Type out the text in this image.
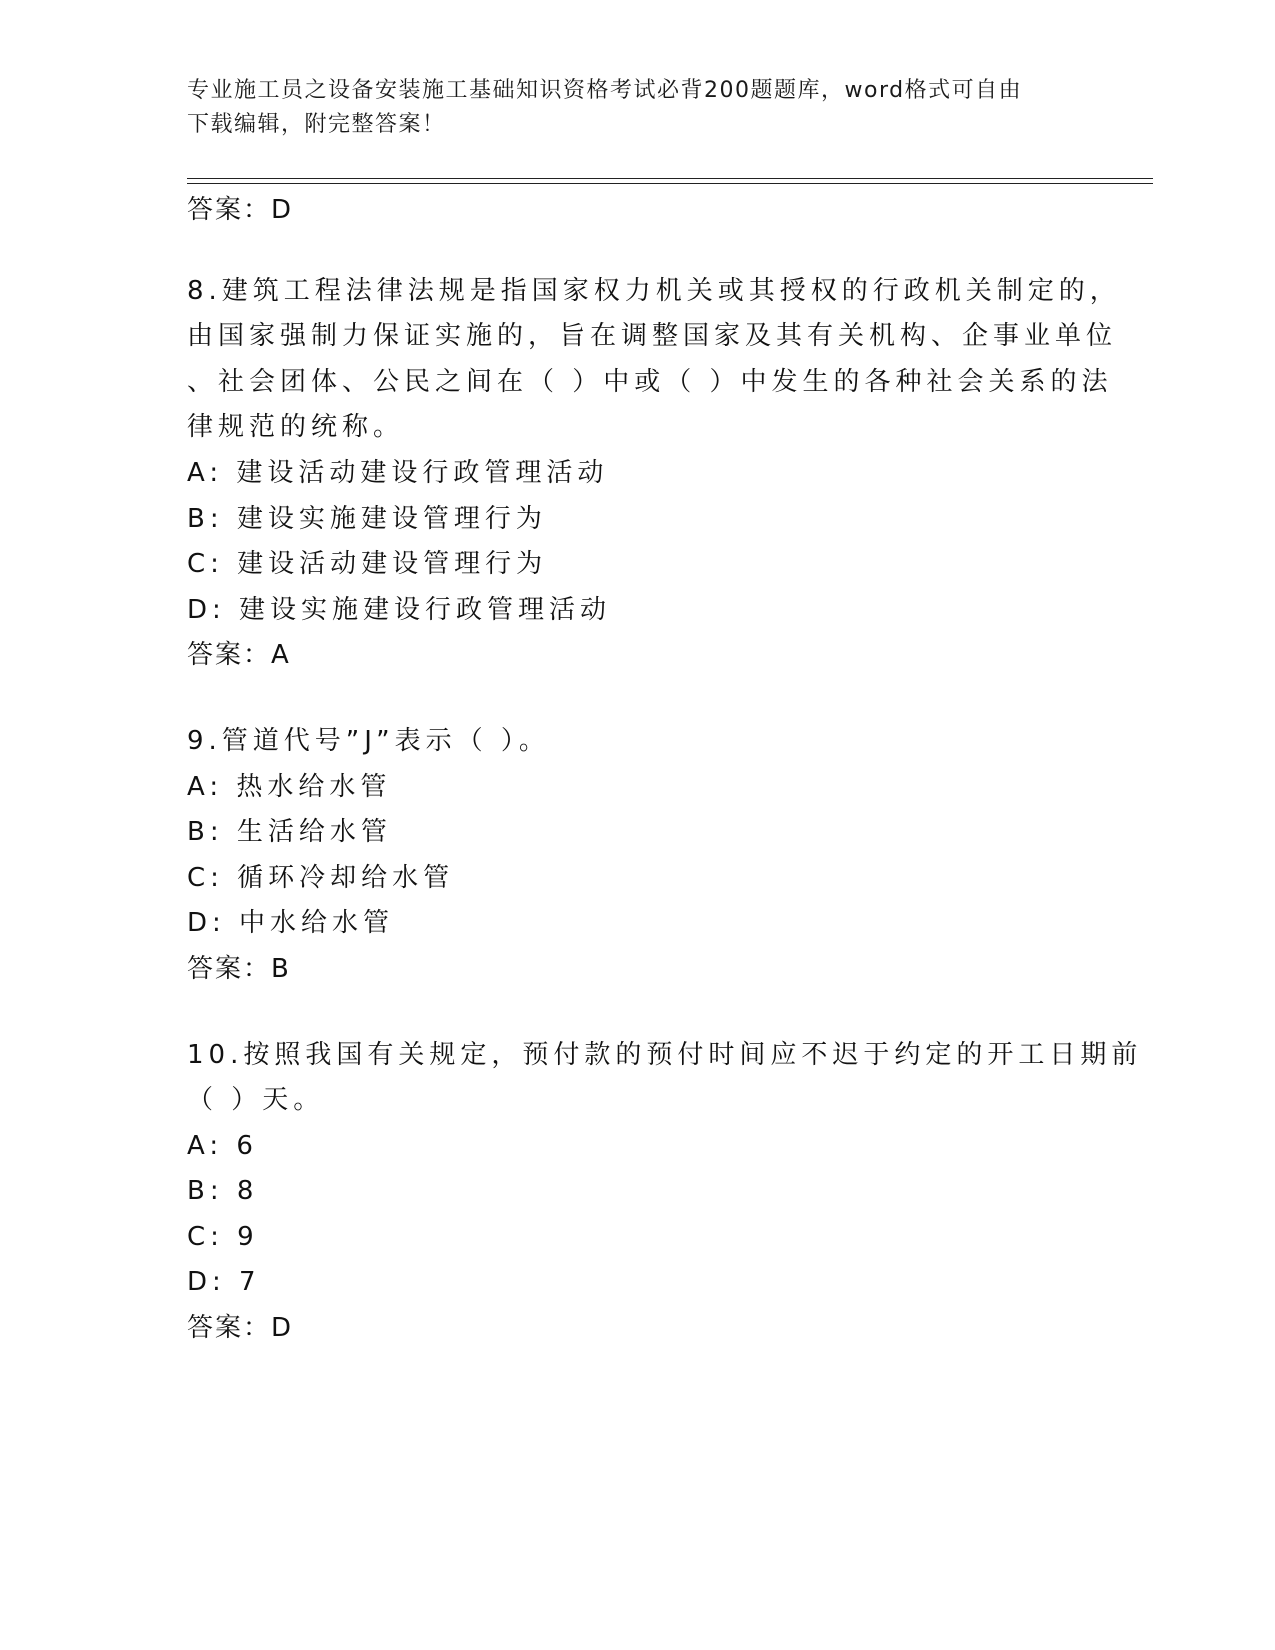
专业施工员之设备安装施工基础知识资格考试必背200题题库，word格式可自由
下载编辑，附完整答案！
答案：D
8.建筑工程法律法规是指国家权力机关或其授权的行政机关制定的，
由国家强制力保证实施的，旨在调整国家及其有关机构、企事业单位
、社会团体、公民之间在（ ）中或（ ）中发生的各种社会关系的法
律规范的统称。
A: 建设活动建设行政管理活动
B: 建设实施建设管理行为
C: 建设活动建设管理行为
D: 建设实施建设行政管理活动
答案：A
9.管道代号”J”表示（ ）。
A: 热水给水管
B: 生活给水管
C: 循环冷却给水管
D: 中水给水管
答案：B
10.按照我国有关规定，预付款的预付时间应不迟于约定的开工日期前
（ ）天。
A: 6
B: 8
C: 9
D: 7
答案：D
